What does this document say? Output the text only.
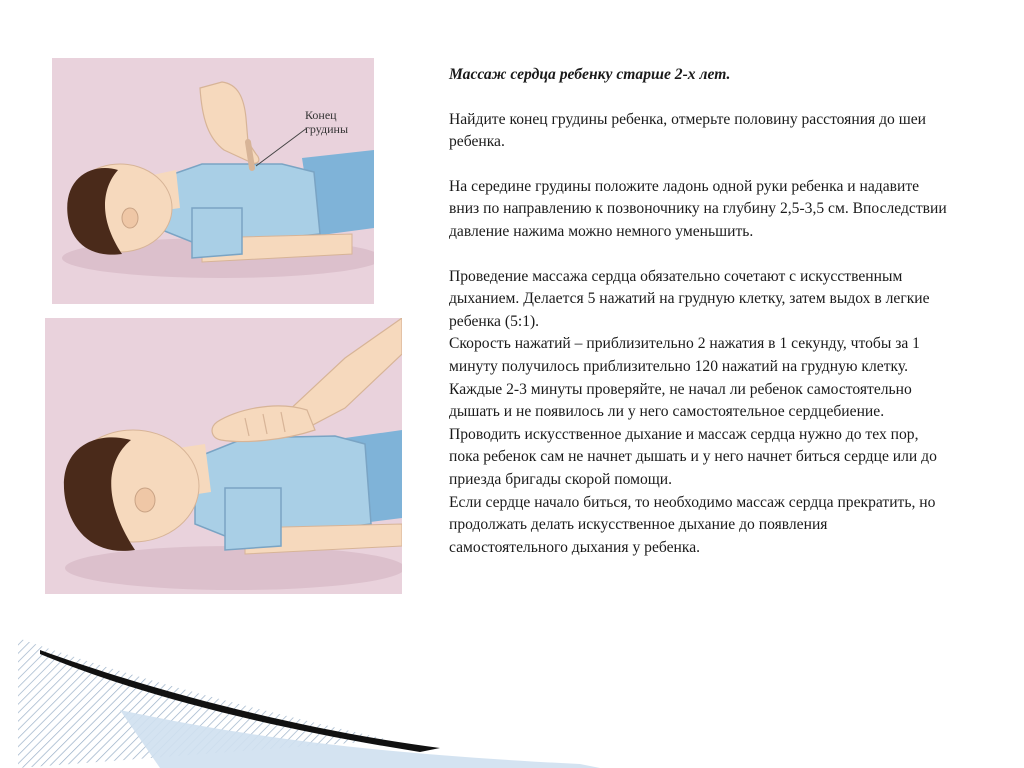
Конец
грудины

Массаж сердца ребенку старше 2-х лет.

Найдите конец грудины ребенка, отмерьте половину расстояния до шеи ребенка.

На середине грудины положите ладонь одной руки ребенка и надавите вниз по направлению к позвоночнику на глубину 2,5-3,5 см. Впоследствии давление нажима можно немного уменьшить.

Проведение массажа сердца обязательно сочетают с искусственным дыханием. Делается 5 нажатий на грудную клетку, затем выдох в легкие ребенка (5:1).

Скорость нажатий – приблизительно 2 нажатия в 1 секунду, чтобы за 1 минуту получилось приблизительно 120 нажатий на грудную клетку.

Каждые 2-3 минуты проверяйте, не начал ли ребенок самостоятельно дышать и не появилось ли у него самостоятельное сердцебиение.

Проводить искусственное дыхание и массаж сердца нужно до тех пор, пока ребенок сам не начнет дышать и у него начнет биться сердце или до приезда бригады скорой помощи.

Если сердце начало биться, то необходимо массаж сердца прекратить, но продолжать делать искусственное дыхание до появления самостоятельного дыхания у ребенка.
